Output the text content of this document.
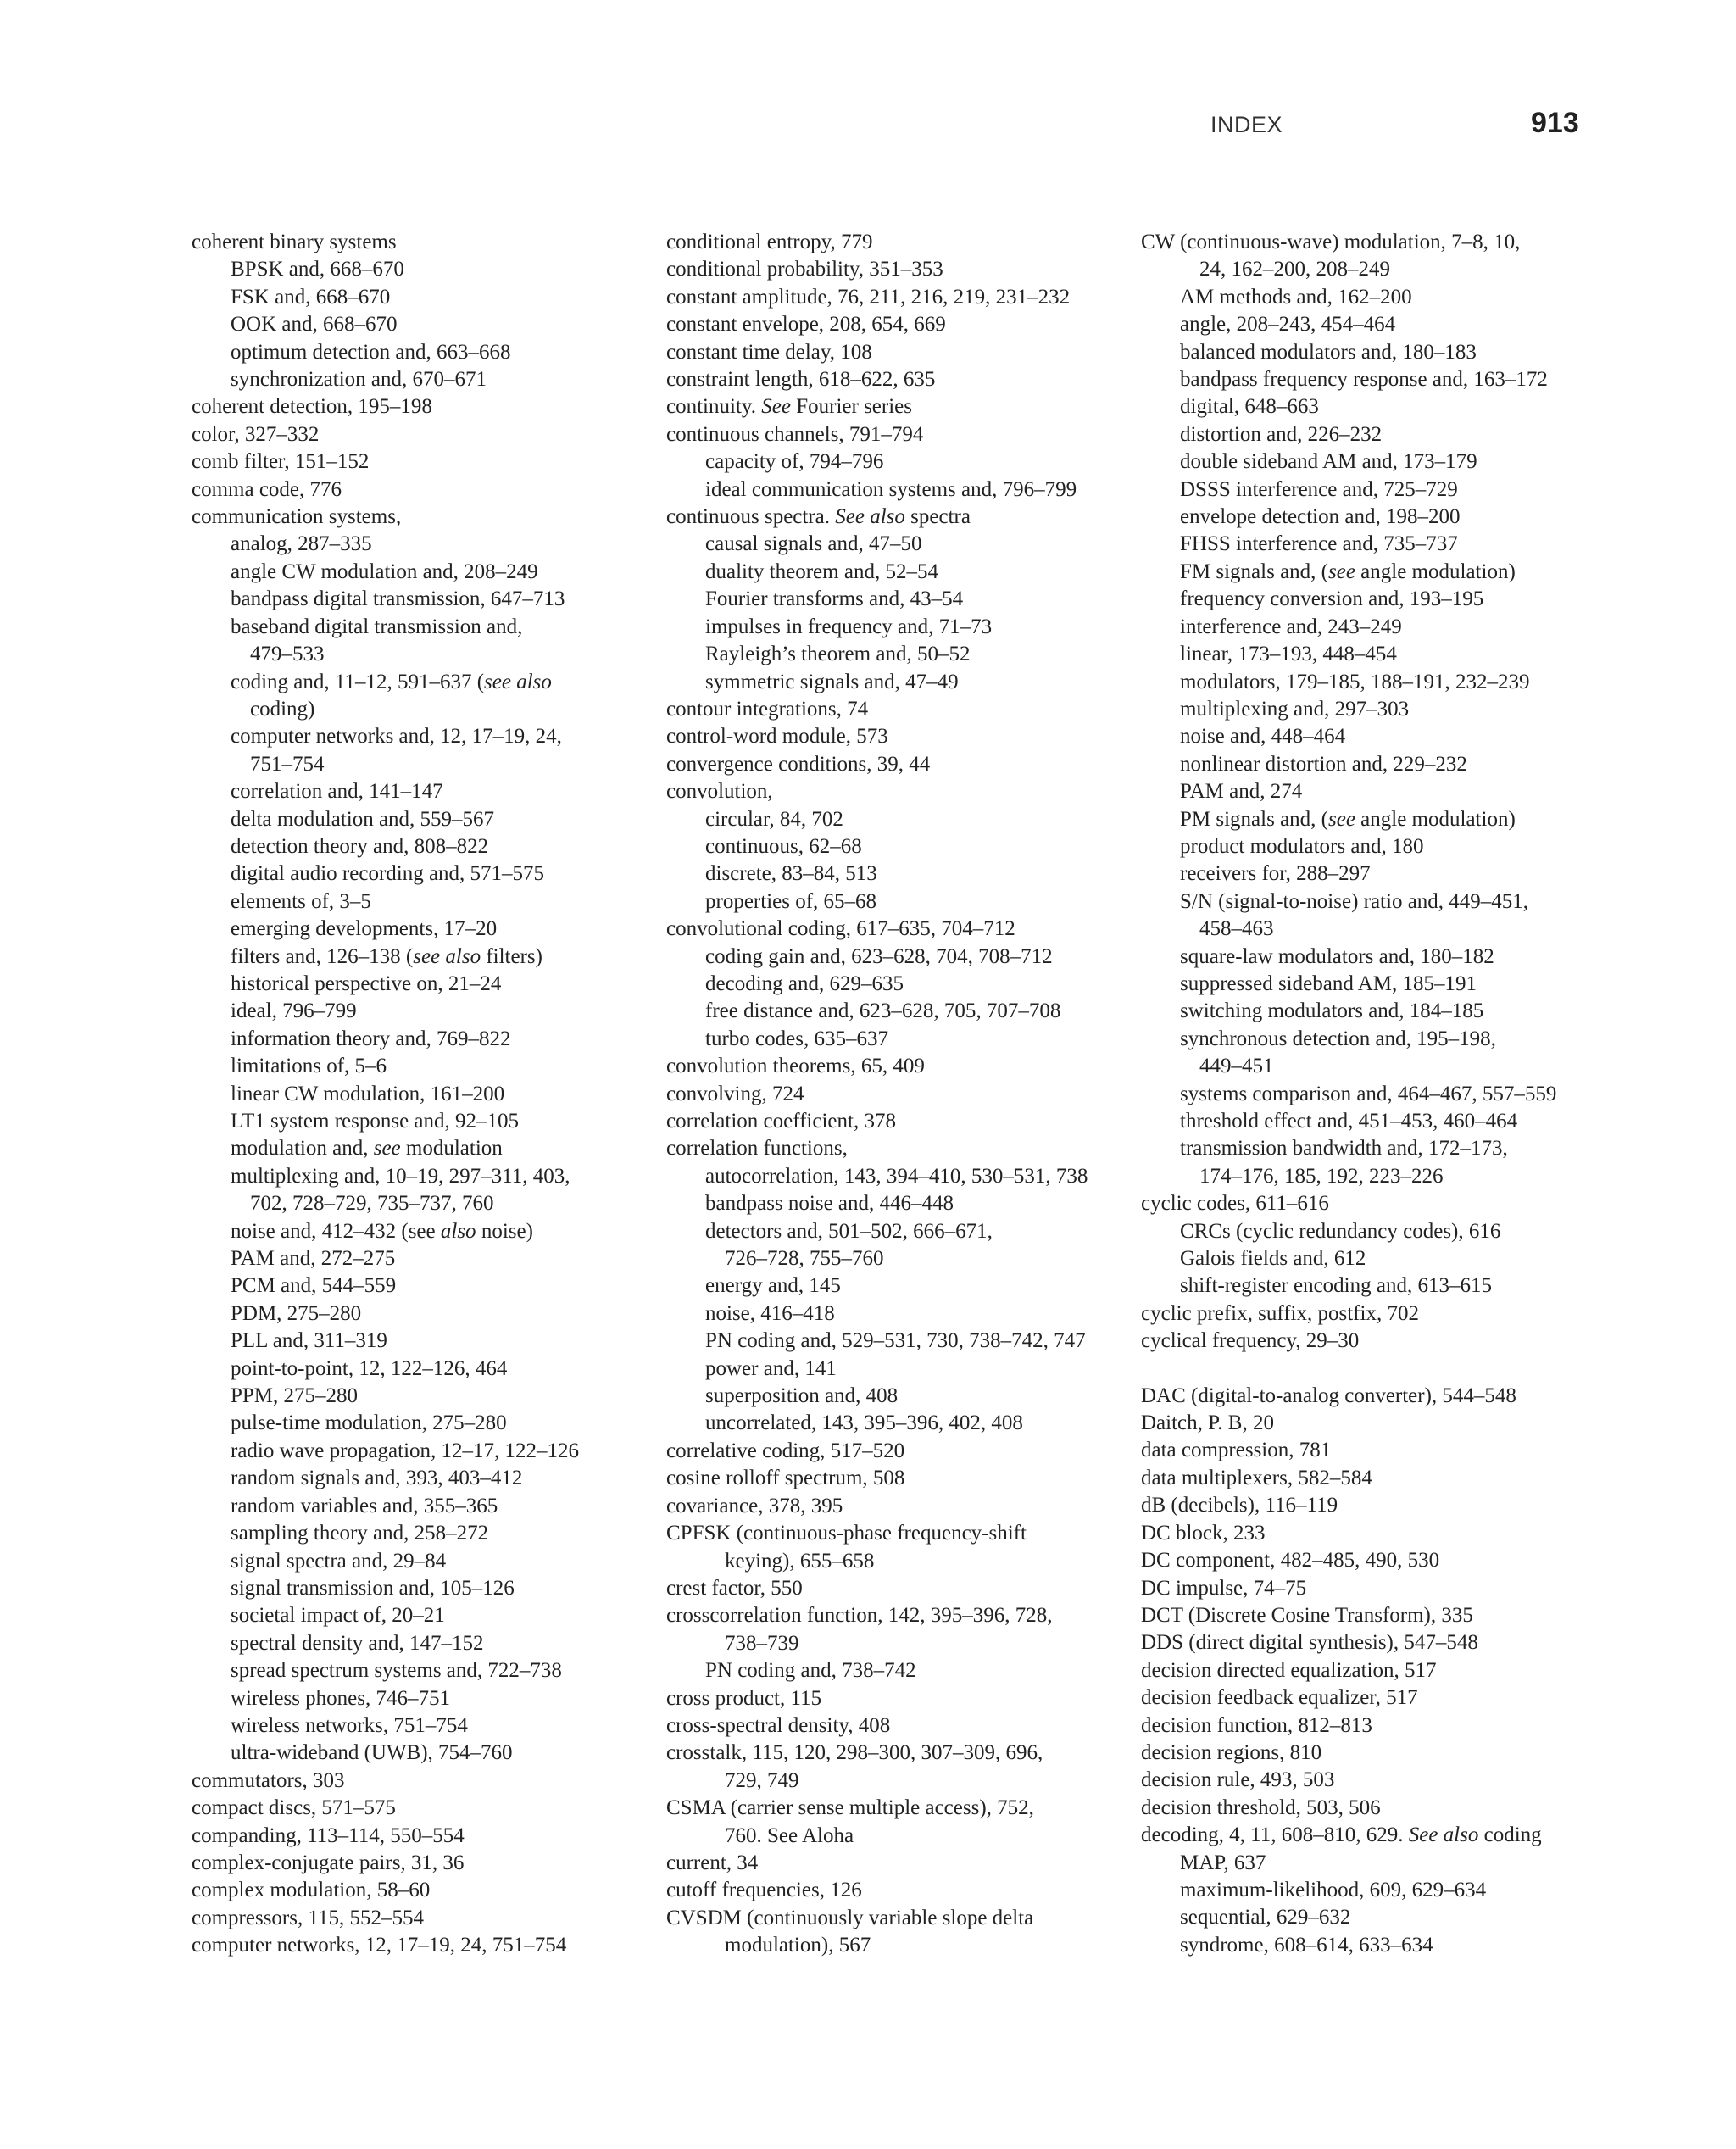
INDEX	913
coherent binary systems
BPSK and, 668–670
FSK and, 668–670
OOK and, 668–670
optimum detection and, 663–668
synchronization and, 670–671
coherent detection, 195–198
color, 327–332
comb filter, 151–152
comma code, 776
communication systems,
analog, 287–335
angle CW modulation and, 208–249
bandpass digital transmission, 647–713
baseband digital transmission and,
479–533
coding and, 11–12, 591–637 (see also
coding)
computer networks and, 12, 17–19, 24,
751–754
correlation and, 141–147
delta modulation and, 559–567
detection theory and, 808–822
digital audio recording and, 571–575
elements of, 3–5
emerging developments, 17–20
filters and, 126–138 (see also filters)
historical perspective on, 21–24
ideal, 796–799
information theory and, 769–822
limitations of, 5–6
linear CW modulation, 161–200
LT1 system response and, 92–105
modulation and, see modulation
multiplexing and, 10–19, 297–311, 403,
702, 728–729, 735–737, 760
noise and, 412–432 (see also noise)
PAM and, 272–275
PCM and, 544–559
PDM, 275–280
PLL and, 311–319
point-to-point, 12, 122–126, 464
PPM, 275–280
pulse-time modulation, 275–280
radio wave propagation, 12–17, 122–126
random signals and, 393, 403–412
random variables and, 355–365
sampling theory and, 258–272
signal spectra and, 29–84
signal transmission and, 105–126
societal impact of, 20–21
spectral density and, 147–152
spread spectrum systems and, 722–738
wireless phones, 746–751
wireless networks, 751–754
ultra-wideband (UWB), 754–760
commutators, 303
compact discs, 571–575
companding, 113–114, 550–554
complex-conjugate pairs, 31, 36
complex modulation, 58–60
compressors, 115, 552–554
computer networks, 12, 17–19, 24, 751–754
conditional entropy, 779
conditional probability, 351–353
constant amplitude, 76, 211, 216, 219, 231–232
constant envelope, 208, 654, 669
constant time delay, 108
constraint length, 618–622, 635
continuity. See Fourier series
continuous channels, 791–794
capacity of, 794–796
ideal communication systems and, 796–799
continuous spectra. See also spectra
causal signals and, 47–50
duality theorem and, 52–54
Fourier transforms and, 43–54
impulses in frequency and, 71–73
Rayleigh’s theorem and, 50–52
symmetric signals and, 47–49
contour integrations, 74
control-word module, 573
convergence conditions, 39, 44
convolution,
circular, 84, 702
continuous, 62–68
discrete, 83–84, 513
properties of, 65–68
convolutional coding, 617–635, 704–712
coding gain and, 623–628, 704, 708–712
decoding and, 629–635
free distance and, 623–628, 705, 707–708
turbo codes, 635–637
convolution theorems, 65, 409
convolving, 724
correlation coefficient, 378
correlation functions,
autocorrelation, 143, 394–410, 530–531, 738
bandpass noise and, 446–448
detectors and, 501–502, 666–671,
726–728, 755–760
energy and, 145
noise, 416–418
PN coding and, 529–531, 730, 738–742, 747
power and, 141
superposition and, 408
uncorrelated, 143, 395–396, 402, 408
correlative coding, 517–520
cosine rolloff spectrum, 508
covariance, 378, 395
CPFSK (continuous-phase frequency-shift
keying), 655–658
crest factor, 550
crosscorrelation function, 142, 395–396, 728,
738–739
PN coding and, 738–742
cross product, 115
cross-spectral density, 408
crosstalk, 115, 120, 298–300, 307–309, 696,
729, 749
CSMA (carrier sense multiple access), 752,
760. See Aloha
current, 34
cutoff frequencies, 126
CVSDM (continuously variable slope delta
modulation), 567
CW (continuous-wave) modulation, 7–8, 10,
24, 162–200, 208–249
AM methods and, 162–200
angle, 208–243, 454–464
balanced modulators and, 180–183
bandpass frequency response and, 163–172
digital, 648–663
distortion and, 226–232
double sideband AM and, 173–179
DSSS interference and, 725–729
envelope detection and, 198–200
FHSS interference and, 735–737
FM signals and, (see angle modulation)
frequency conversion and, 193–195
interference and, 243–249
linear, 173–193, 448–454
modulators, 179–185, 188–191, 232–239
multiplexing and, 297–303
noise and, 448–464
nonlinear distortion and, 229–232
PAM and, 274
PM signals and, (see angle modulation)
product modulators and, 180
receivers for, 288–297
S/N (signal-to-noise) ratio and, 449–451,
458–463
square-law modulators and, 180–182
suppressed sideband AM, 185–191
switching modulators and, 184–185
synchronous detection and, 195–198,
449–451
systems comparison and, 464–467, 557–559
threshold effect and, 451–453, 460–464
transmission bandwidth and, 172–173,
174–176, 185, 192, 223–226
cyclic codes, 611–616
CRCs (cyclic redundancy codes), 616
Galois fields and, 612
shift-register encoding and, 613–615
cyclic prefix, suffix, postfix, 702
cyclical frequency, 29–30
DAC (digital-to-analog converter), 544–548
Daitch, P. B, 20
data compression, 781
data multiplexers, 582–584
dB (decibels), 116–119
DC block, 233
DC component, 482–485, 490, 530
DC impulse, 74–75
DCT (Discrete Cosine Transform), 335
DDS (direct digital synthesis), 547–548
decision directed equalization, 517
decision feedback equalizer, 517
decision function, 812–813
decision regions, 810
decision rule, 493, 503
decision threshold, 503, 506
decoding, 4, 11, 608–810, 629. See also coding
MAP, 637
maximum-likelihood, 609, 629–634
sequential, 629–632
syndrome, 608–614, 633–634
